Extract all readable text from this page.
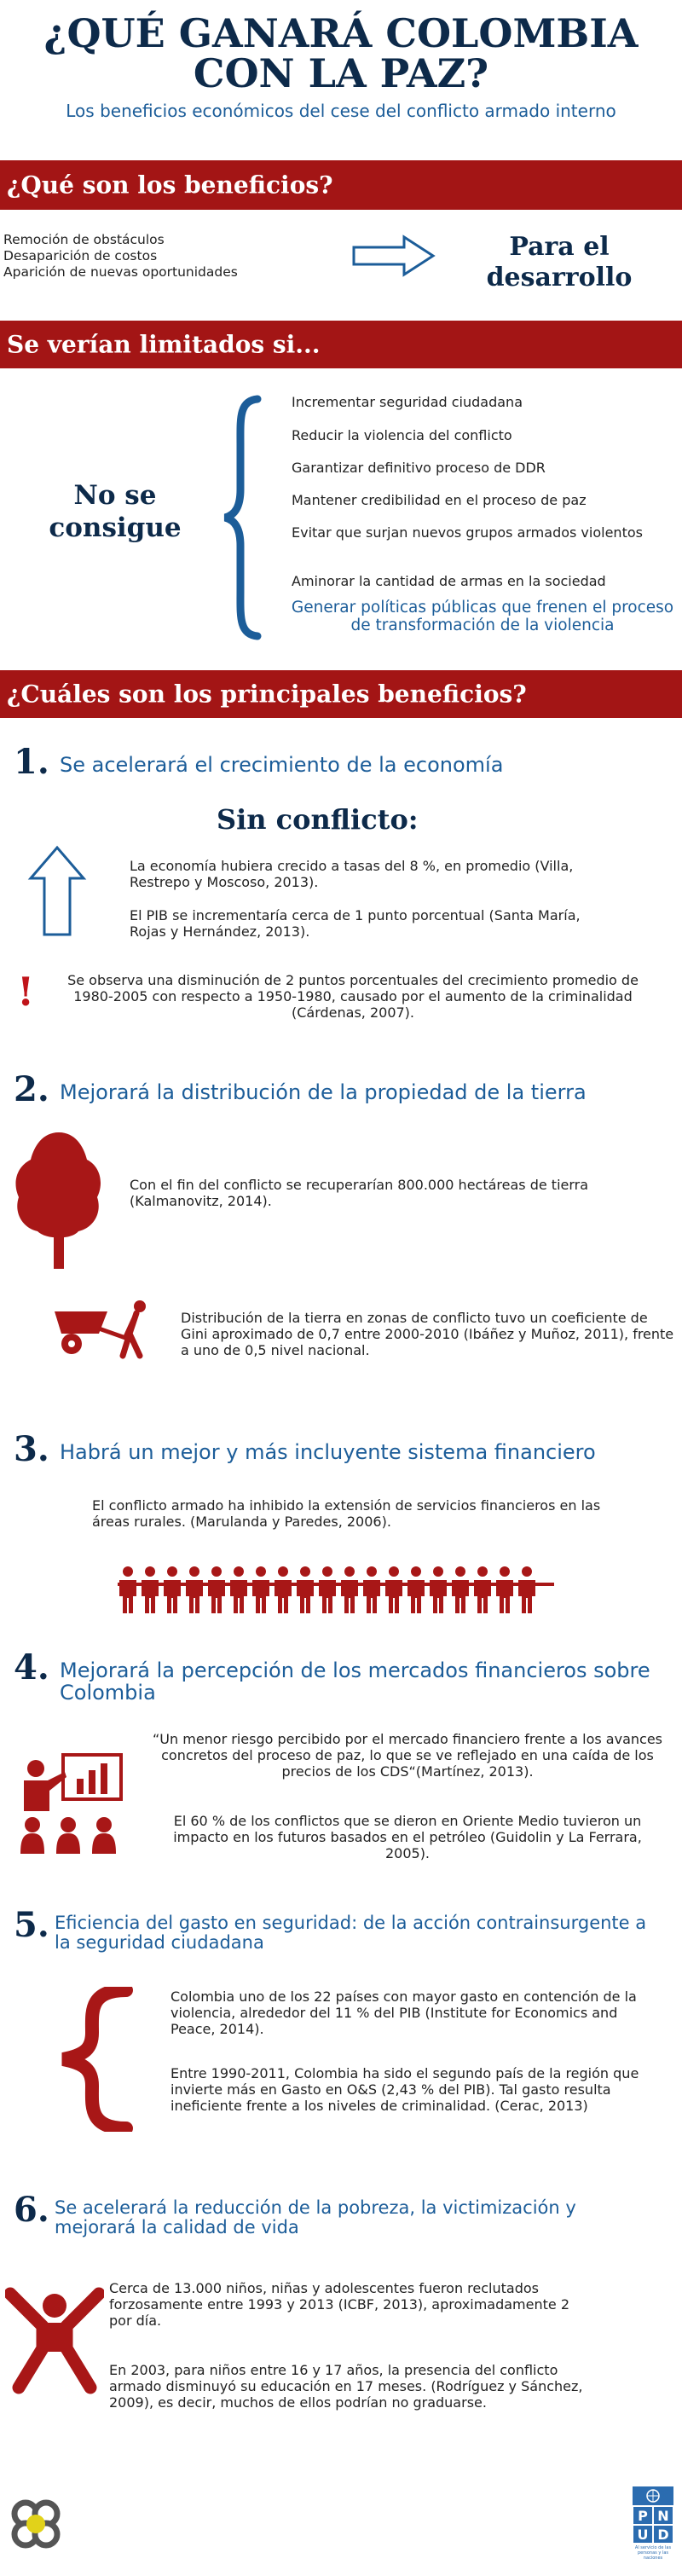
¿QUÉ GANARÁ COLOMBIA CON LA PAZ?
Los beneficios económicos del cese del conflicto armado interno
¿Qué son los beneficios?
Remoción de obstáculos
Desaparición de costos
Aparición de nuevas oportunidades
Para el desarrollo
Se verían limitados si...
No se consigue
Incrementar seguridad ciudadana
Reducir la violencia del conflicto
Garantizar definitivo proceso de DDR
Mantener credibilidad en el proceso de paz
Evitar que surjan nuevos grupos armados violentos
Aminorar la cantidad de armas en la sociedad
Generar políticas públicas que frenen el proceso de transformación de la violencia
¿Cuáles son los principales beneficios?
1. Se acelerará el crecimiento de la economía
Sin conflicto:
La economía hubiera crecido a tasas del 8 %, en promedio (Villa, Restrepo y Moscoso, 2013).
El PIB se incrementaría cerca de 1 punto porcentual (Santa María, Rojas y Hernández, 2013).
!	Se observa una disminución de 2 puntos porcentuales del crecimiento promedio de 1980-2005 con respecto a 1950-1980, causado por el aumento de la criminalidad (Cárdenas, 2007).
2. Mejorará la distribución de la propiedad de la tierra
Con el fin del conflicto se recuperarían 800.000 hectáreas de tierra (Kalmanovitz, 2014).
Distribución de la tierra en zonas de conflicto tuvo un coeficiente de Gini aproximado de 0,7 entre 2000-2010 (Ibáñez y Muñoz, 2011), frente a uno de 0,5 nivel nacional.
3. Habrá un mejor y más incluyente sistema financiero
El conflicto armado ha inhibido la extensión de servicios financieros en las áreas rurales. (Marulanda y Paredes, 2006).
4. Mejorará la percepción de los mercados financieros sobre Colombia
“Un menor riesgo percibido por el mercado financiero frente a los avances concretos del proceso de paz, lo que se ve reflejado en una caída de los precios de los CDS“(Martínez, 2013).
El 60 % de los conflictos que se dieron en Oriente Medio tuvieron un impacto en los futuros basados en el petróleo (Guidolin y La Ferrara, 2005).
5. Eficiencia del gasto en seguridad: de la acción contrainsurgente a la seguridad ciudadana
Colombia uno de los 22 países con mayor gasto en contención de la violencia, alrededor del 11 % del PIB (Institute for Economics and Peace, 2014).
Entre 1990-2011, Colombia ha sido el segundo país de la región que invierte más en Gasto en O&S (2,43 % del PIB). Tal gasto resulta ineficiente frente a los niveles de criminalidad. (Cerac, 2013)
6. Se acelerará la reducción de la pobreza, la victimización y mejorará la calidad de vida
Cerca de 13.000 niños, niñas y adolescentes fueron reclutados forzosamente entre 1993 y 2013 (ICBF, 2013), aproximadamente 2 por día.
En 2003, para niños entre 16 y 17 años, la presencia del conflicto armado disminuyó su educación en 17 meses. (Rodríguez y Sánchez, 2009), es decir, muchos de ellos podrían no graduarse.
P N
U D
Al servicio de las personas y las naciones
